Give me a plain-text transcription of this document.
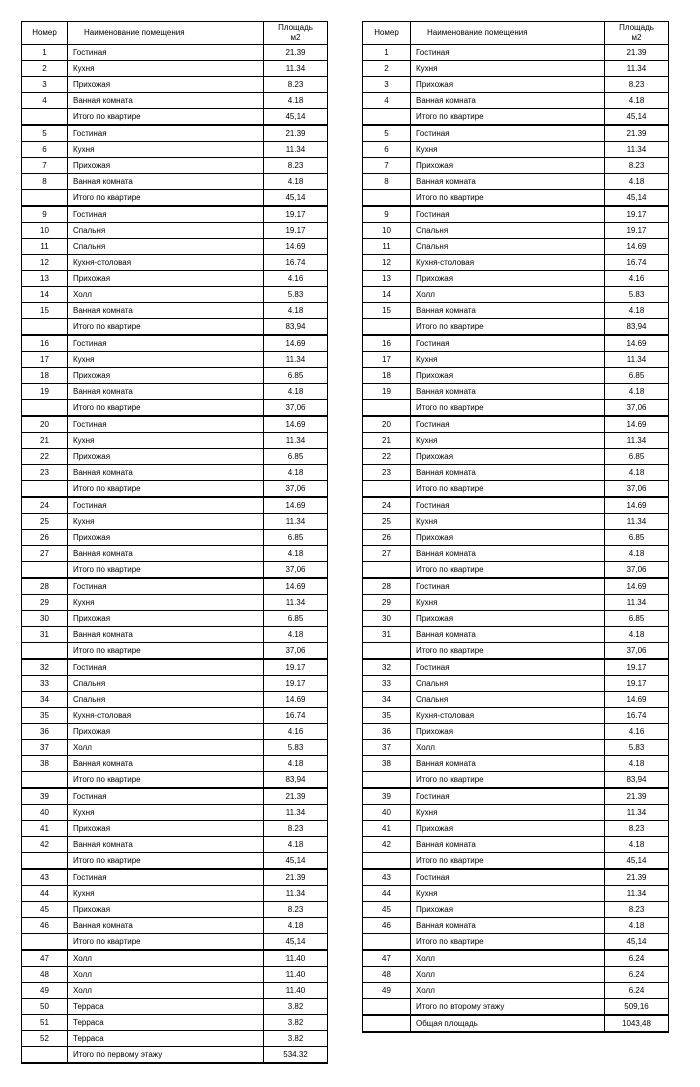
Номер	Наименование помещения	Площадь
м2
1	Гостиная	21.39
2	Кухня	11.34
3	Прихожая	8.23
4	Ванная комната	4.18
	Итого по квартире	45,14
5	Гостиная	21.39
6	Кухня	11.34
7	Прихожая	8.23
8	Ванная комната	4.18
	Итого по квартире	45,14
9	Гостиная	19.17
10	Спальня	19.17
11	Спальня	14.69
12	Кухня-столовая	16.74
13	Прихожая	4.16
14	Холл	5.83
15	Ванная комната	4.18
	Итого по квартире	83,94
16	Гостиная	14.69
17	Кухня	11.34
18	Прихожая	6.85
19	Ванная комната	4.18
	Итого по квартире	37,06
20	Гостиная	14.69
21	Кухня	11.34
22	Прихожая	6.85
23	Ванная комната	4.18
	Итого по квартире	37,06
24	Гостиная	14.69
25	Кухня	11.34
26	Прихожая	6.85
27	Ванная комната	4.18
	Итого по квартире	37,06
28	Гостиная	14.69
29	Кухня	11.34
30	Прихожая	6.85
31	Ванная комната	4.18
	Итого по квартире	37,06
32	Гостиная	19.17
33	Спальня	19.17
34	Спальня	14.69
35	Кухня-столовая	16.74
36	Прихожая	4.16
37	Холл	5.83
38	Ванная комната	4.18
	Итого по квартире	83,94
39	Гостиная	21.39
40	Кухня	11.34
41	Прихожая	8.23
42	Ванная комната	4.18
	Итого по квартире	45,14
43	Гостиная	21.39
44	Кухня	11.34
45	Прихожая	8.23
46	Ванная комната	4.18
	Итого по квартире	45,14
47	Холл	11.40
48	Холл	11.40
49	Холл	11.40
50	Терраса	3.82
51	Терраса	3.82
52	Терраса	3.82
	Итого по первому этажу	534.32
Номер	Наименование помещения	Площадь
м2
1	Гостиная	21.39
2	Кухня	11.34
3	Прихожая	8.23
4	Ванная комната	4.18
	Итого по квартире	45,14
5	Гостиная	21.39
6	Кухня	11.34
7	Прихожая	8.23
8	Ванная комната	4.18
	Итого по квартире	45,14
9	Гостиная	19.17
10	Спальня	19.17
11	Спальня	14.69
12	Кухня-столовая	16.74
13	Прихожая	4.16
14	Холл	5.83
15	Ванная комната	4.18
	Итого по квартире	83,94
16	Гостиная	14.69
17	Кухня	11.34
18	Прихожая	6.85
19	Ванная комната	4.18
	Итого по квартире	37,06
20	Гостиная	14.69
21	Кухня	11.34
22	Прихожая	6.85
23	Ванная комната	4.18
	Итого по квартире	37,06
24	Гостиная	14.69
25	Кухня	11.34
26	Прихожая	6.85
27	Ванная комната	4.18
	Итого по квартире	37,06
28	Гостиная	14.69
29	Кухня	11.34
30	Прихожая	6.85
31	Ванная комната	4.18
	Итого по квартире	37,06
32	Гостиная	19.17
33	Спальня	19.17
34	Спальня	14.69
35	Кухня-столовая	16.74
36	Прихожая	4.16
37	Холл	5.83
38	Ванная комната	4.18
	Итого по квартире	83,94
39	Гостиная	21.39
40	Кухня	11.34
41	Прихожая	8.23
42	Ванная комната	4.18
	Итого по квартире	45,14
43	Гостиная	21.39
44	Кухня	11.34
45	Прихожая	8.23
46	Ванная комната	4.18
	Итого по квартире	45,14
47	Холл	6.24
48	Холл	6.24
49	Холл	6.24
	Итого по второму этажу	509,16
	Общая площадь	1043,48
